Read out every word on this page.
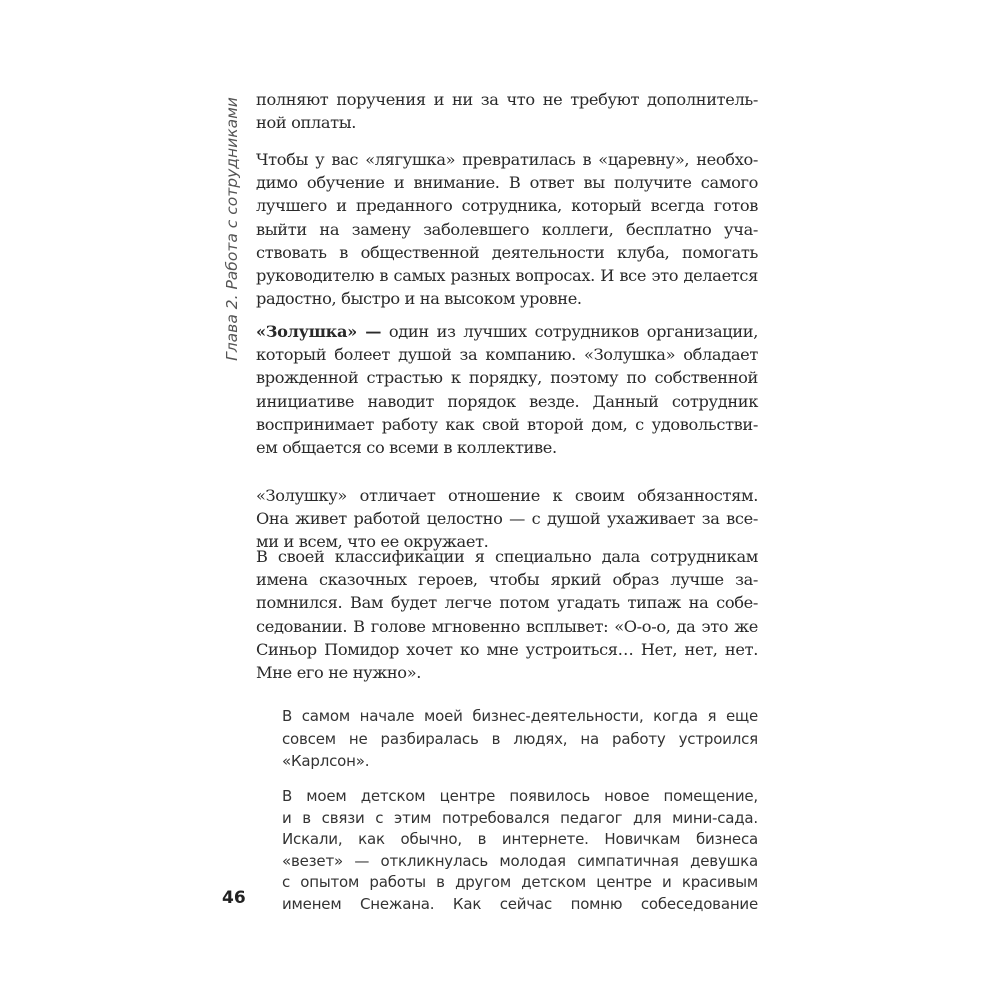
Глава 2. Работа с сотрудниками
46
полняют поручения и ни за что не требуют дополнитель-
ной оплаты.
Чтобы у вас «лягушка» превратилась в «царевну», необхо-
димо обучение и внимание. В ответ вы получите самого
лучшего и преданного сотрудника, который всегда готов
выйти на замену заболевшего коллеги, бесплатно уча-
ствовать в общественной деятельности клуба, помогать
руководителю в самых разных вопросах. И все это делается
радостно, быстро и на высоком уровне.
«Золушка» — один из лучших сотрудников организации,
который болеет душой за компанию. «Золушка» обладает
врожденной страстью к порядку, поэтому по собственной
инициативе наводит порядок везде. Данный сотрудник
воспринимает работу как свой второй дом, с удовольстви-
ем общается со всеми в коллективе.
«Золушку» отличает отношение к своим обязанностям.
Она живет работой целостно — с душой ухаживает за все-
ми и всем, что ее окружает.
В своей классификации я специально дала сотрудникам
имена сказочных героев, чтобы яркий образ лучше за-
помнился. Вам будет легче потом угадать типаж на собе-
седовании. В голове мгновенно всплывет: «О-о-о, да это же
Синьор Помидор хочет ко мне устроиться… Нет, нет, нет.
Мне его не нужно».
В самом начале моей бизнес-деятельности, когда я еще
совсем не разбиралась в людях, на работу устроился
«Карлсон».
В моем детском центре появилось новое помещение,
и в связи с этим потребовался педагог для мини-сада.
Искали, как обычно, в интернете. Новичкам бизнеса
«везет» — откликнулась молодая симпатичная девушка
с опытом работы в другом детском центре и красивым
именем Снежана. Как сейчас помню собеседование
